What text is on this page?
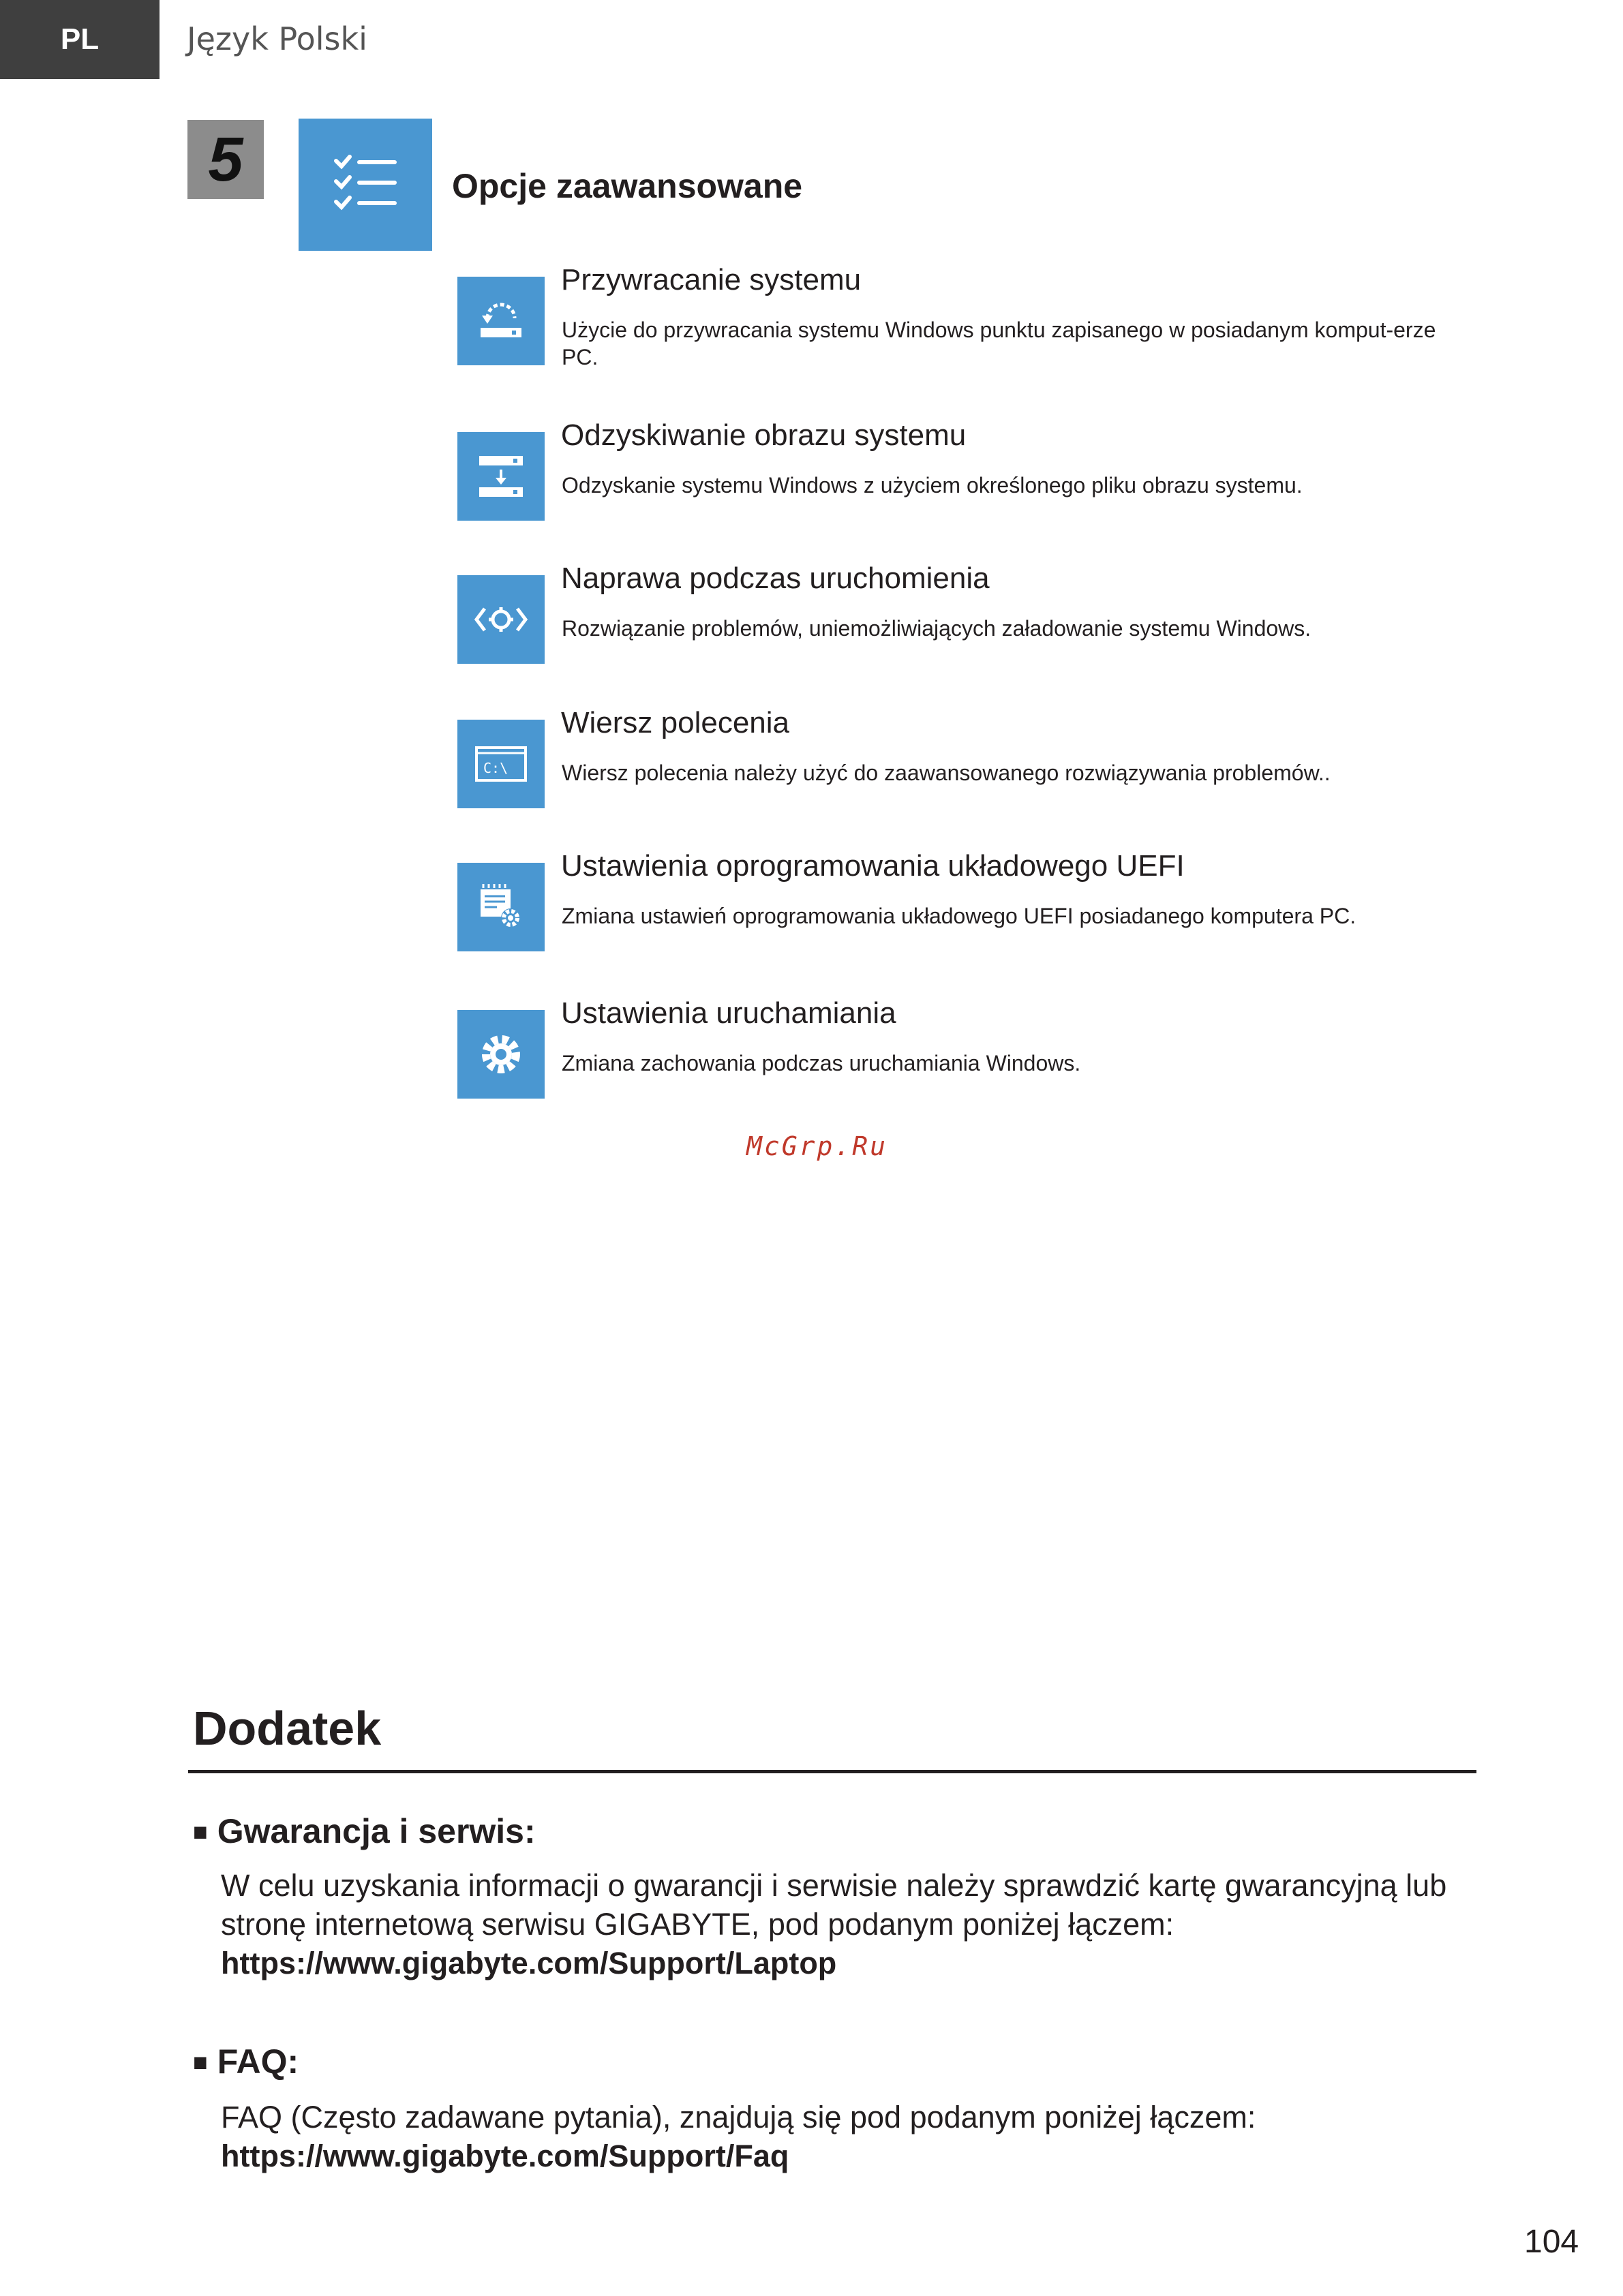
PL	Język Polski
5	Opcje zaawansowane
Przywracanie systemu
Użycie do przywracania systemu Windows punktu zapisanego w posiadanym komput-erze PC.
Odzyskiwanie obrazu systemu
Odzyskanie systemu Windows z użyciem określonego pliku obrazu systemu.
Naprawa podczas uruchomienia
Rozwiązanie problemów, uniemożliwiających załadowanie systemu Windows.
C:\
Wiersz polecenia
Wiersz polecenia należy użyć do zaawansowanego rozwiązywania problemów..
Ustawienia oprogramowania układowego UEFI
Zmiana ustawień oprogramowania układowego UEFI posiadanego komputera PC.
Ustawienia uruchamiania
Zmiana zachowania podczas uruchamiania Windows.
McGrp.Ru
Dodatek
■ Gwarancja i serwis:
W celu uzyskania informacji o gwarancji i serwisie należy sprawdzić kartę gwarancyjną lub stronę internetową serwisu GIGABYTE, pod podanym poniżej łączem:
https://www.gigabyte.com/Support/Laptop
■ FAQ:
FAQ (Często zadawane pytania), znajdują się pod podanym poniżej łączem:
https://www.gigabyte.com/Support/Faq
104
